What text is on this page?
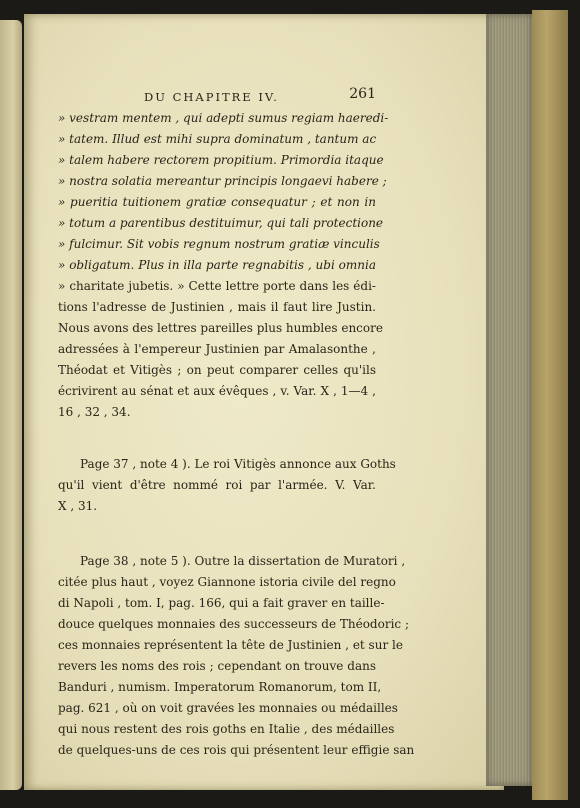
DU CHAPITRE IV.	261
» vestram mentem , qui adepti sumus regiam haeredi-
» tatem. Illud est mihi supra dominatum , tantum ac
» talem habere rectorem propitium. Primordia itaque
» nostra solatia mereantur principis longaevi habere ;
» pueritia tuitionem gratiæ consequatur ; et non in
» totum a parentibus destituimur, qui tali protectione
» fulcimur. Sit vobis regnum nostrum gratiæ vinculis
» obligatum. Plus in illa parte regnabitis , ubi omnia
» charitate jubetis. » Cette lettre porte dans les édi-
tions l'adresse de Justinien , mais il faut lire Justin.
Nous avons des lettres pareilles plus humbles encore
adressées à l'empereur Justinien par Amalasonthe ,
Théodat et Vitigès ; on peut comparer celles qu'ils
écrivirent au sénat et aux évêques , v. Var. X , 1—4 ,
16 , 32 , 34.
Page 37 , note 4 ). Le roi Vitigès annonce aux Goths
qu'il vient d'être nommé roi par l'armée. V. Var.
X , 31.
Page 38 , note 5 ). Outre la dissertation de Muratori ,
citée plus haut , voyez Giannone istoria civile del regno
di Napoli , tom. I, pag. 166, qui a fait graver en taille-
douce quelques monnaies des successeurs de Théodoric ;
ces monnaies représentent la tête de Justinien , et sur le
revers les noms des rois ; cependant on trouve dans
Banduri , numism. Imperatorum Romanorum, tom II,
pag. 621 , où on voit gravées les monnaies ou médailles
qui nous restent des rois goths en Italie , des médailles
de quelques-uns de ces rois qui présentent leur effigie san
